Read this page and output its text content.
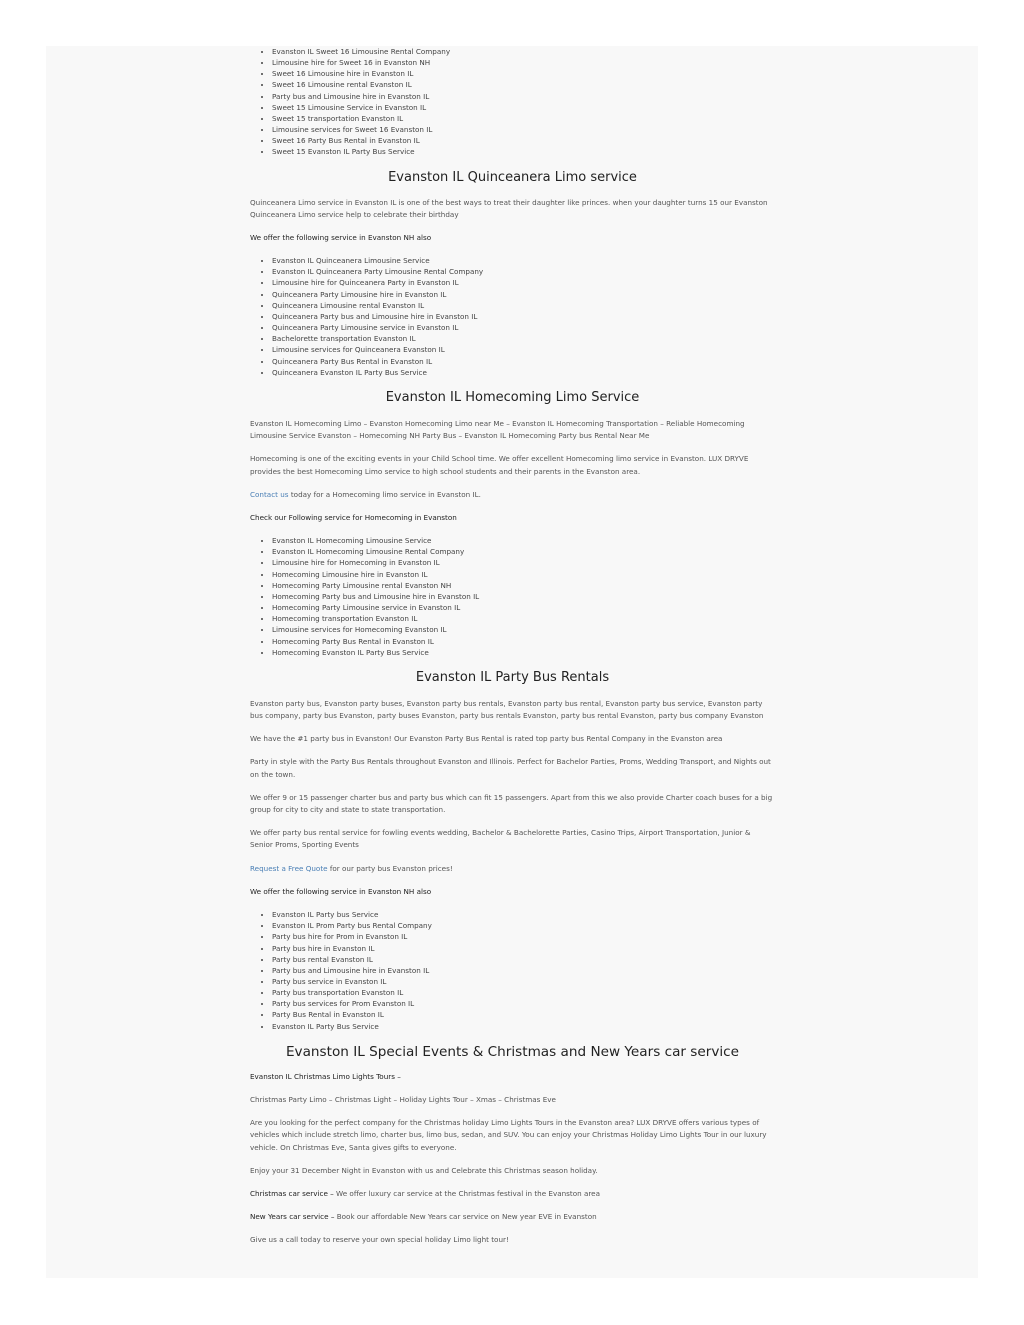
• Evanston IL Sweet 16 Limousine Rental Company
• Limousine hire for Sweet 16 in Evanston NH
• Sweet 16 Limousine hire in Evanston IL
• Sweet 16 Limousine rental Evanston IL
• Party bus and Limousine hire in Evanston IL
• Sweet 15 Limousine Service in Evanston IL
• Sweet 15 transportation Evanston IL
• Limousine services for Sweet 16 Evanston IL
• Sweet 16 Party Bus Rental in Evanston IL
• Sweet 15 Evanston IL Party Bus Service
Evanston IL Quinceanera Limo service

Quinceanera Limo service in Evanston IL is one of the best ways to treat their daughter like princes. when your daughter turns 15 our Evanston Quinceanera Limo service help to celebrate their birthday

We offer the following service in Evanston NH also

• Evanston IL Quinceanera Limousine Service
• Evanston IL Quinceanera Party Limousine Rental Company
• Limousine hire for Quinceanera Party in Evanston IL
• Quinceanera Party Limousine hire in Evanston IL
• Quinceanera Limousine rental Evanston IL
• Quinceanera Party bus and Limousine hire in Evanston IL
• Quinceanera Party Limousine service in Evanston IL
• Bachelorette transportation Evanston IL
• Limousine services for Quinceanera Evanston IL
• Quinceanera Party Bus Rental in Evanston IL
• Quinceanera Evanston IL Party Bus Service
Evanston IL Homecoming Limo Service

Evanston IL Homecoming Limo – Evanston Homecoming Limo near Me – Evanston IL Homecoming Transportation – Reliable Homecoming Limousine Service Evanston – Homecoming NH Party Bus – Evanston IL Homecoming Party bus Rental Near Me

Homecoming is one of the exciting events in your Child School time. We offer excellent Homecoming limo service in Evanston. LUX DRYVE provides the best Homecoming Limo service to high school students and their parents in the Evanston area.

Contact us today for a Homecoming limo service in Evanston IL.

Check our Following service for Homecoming in Evanston

• Evanston IL Homecoming Limousine Service
• Evanston IL Homecoming Limousine Rental Company
• Limousine hire for Homecoming in Evanston IL
• Homecoming Limousine hire in Evanston IL
• Homecoming Party Limousine rental Evanston NH
• Homecoming Party bus and Limousine hire in Evanston IL
• Homecoming Party Limousine service in Evanston IL
• Homecoming transportation Evanston IL
• Limousine services for Homecoming Evanston IL
• Homecoming Party Bus Rental in Evanston IL
• Homecoming Evanston IL Party Bus Service
Evanston IL Party Bus Rentals

Evanston party bus, Evanston party buses, Evanston party bus rentals, Evanston party bus rental, Evanston party bus service, Evanston party bus company, party bus Evanston, party buses Evanston, party bus rentals Evanston, party bus rental Evanston, party bus company Evanston

We have the #1 party bus in Evanston! Our Evanston Party Bus Rental is rated top party bus Rental Company in the Evanston area

Party in style with the Party Bus Rentals throughout Evanston and Illinois. Perfect for Bachelor Parties, Proms, Wedding Transport, and Nights out on the town.

We offer 9 or 15 passenger charter bus and party bus which can fit 15 passengers. Apart from this we also provide Charter coach buses for a big group for city to city and state to state transportation.

We offer party bus rental service for fowling events wedding, Bachelor & Bachelorette Parties, Casino Trips, Airport Transportation, Junior & Senior Proms, Sporting Events

Request a Free Quote for our party bus Evanston prices!

We offer the following service in Evanston NH also

• Evanston IL Party bus Service
• Evanston IL Prom Party bus Rental Company
• Party bus hire for Prom in Evanston IL
• Party bus hire in Evanston IL
• Party bus rental Evanston IL
• Party bus and Limousine hire in Evanston IL
• Party bus service in Evanston IL
• Party bus transportation Evanston IL
• Party bus services for Prom Evanston IL
• Party Bus Rental in Evanston IL
• Evanston IL Party Bus Service
Evanston IL Special Events & Christmas and New Years car service

Evanston IL Christmas Limo Lights Tours –

Christmas Party Limo – Christmas Light – Holiday Lights Tour – Xmas – Christmas Eve

Are you looking for the perfect company for the Christmas holiday Limo Lights Tours in the Evanston area? LUX DRYVE offers various types of vehicles which include stretch limo, charter bus, limo bus, sedan, and SUV. You can enjoy your Christmas Holiday Limo Lights Tour in our luxury vehicle. On Christmas Eve, Santa gives gifts to everyone.

Enjoy your 31 December Night in Evanston with us and Celebrate this Christmas season holiday.

Christmas car service – We offer luxury car service at the Christmas festival in the Evanston area

New Years car service – Book our affordable New Years car service on New year EVE in Evanston

Give us a call today to reserve your own special holiday Limo light tour!
